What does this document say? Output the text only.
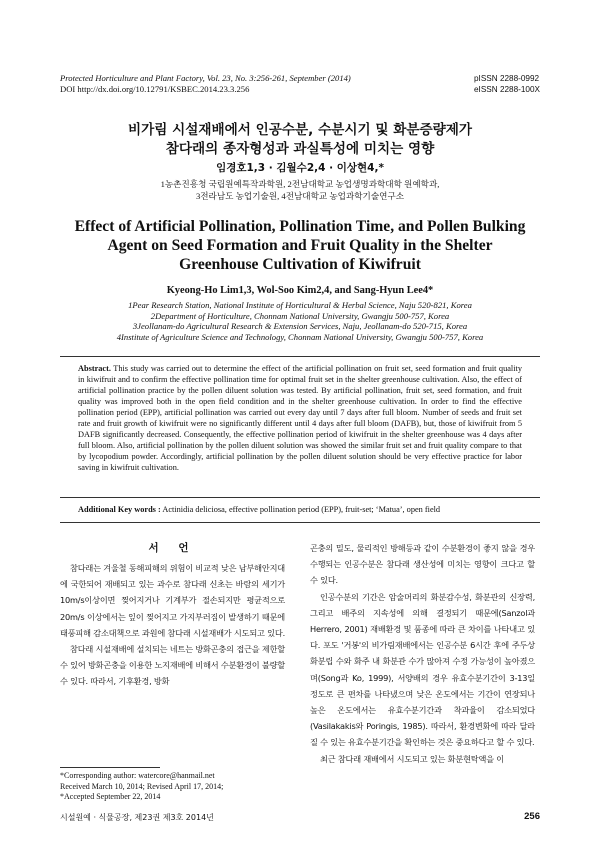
Protected Horticulture and Plant Factory, Vol. 23, No. 3:256-261, September (2014)
DOI http://dx.doi.org/10.12791/KSBEC.2014.23.3.256
pISSN 2288-0992
eISSN 2288-100X
비가림 시설재배에서 인공수분, 수분시기 및 화분증량제가
참다래의 종자형성과 과실특성에 미치는 영향
임경호1,3 · 김월수2,4 · 이상현4,*
1농촌진흥청 국립원예특작과학원, 2전남대학교 농업생명과학대학 원예학과,
3전라남도 농업기술원, 4전남대학교 농업과학기술연구소
Effect of Artificial Pollination, Pollination Time, and Pollen Bulking
Agent on Seed Formation and Fruit Quality in the Shelter
Greenhouse Cultivation of Kiwifruit
Kyeong-Ho Lim1,3, Wol-Soo Kim2,4, and Sang-Hyun Lee4*
1Pear Research Station, National Institute of Horticultural & Herbal Science, Naju 520-821, Korea
2Department of Horticulture, Chonnam National University, Gwangju 500-757, Korea
3Jeollanam-do Agricultural Research & Extension Services, Naju, Jeollanam-do 520-715, Korea
4Institute of Agriculture Science and Technology, Chonnam National University, Gwangju 500-757, Korea
Abstract. This study was carried out to determine the effect of the artificial pollination on fruit set, seed formation and fruit quality in kiwifruit and to confirm the effective pollination time for optimal fruit set in the shelter greenhouse cultivation. Also, the effect of artificial pollination practice by the pollen diluent solution was tested. By artificial pollination, fruit set, seed formation, and fruit quality was improved both in the open field condition and in the shelter greenhouse cultivation. In order to find the effective pollination period (EPP), artificial pollination was carried out every day until 7 days after full bloom. Number of seeds and fruit set rate and fruit growth of kiwifruit were no significantly different until 4 days after full bloom (DAFB), but, those of kiwifruit from 5 DAFB significantly decreased. Consequently, the effective pollination period of kiwifruit in the shelter greenhouse was 4 days after full bloom. Also, artificial pollination by the pollen diluent solution was showed the similar fruit set and fruit quality compare to that by lycopodium powder. Accordingly, artificial pollination by the pollen diluent solution should be very effective practice for labor saving in kiwifruit cultivation.
Additional Key words : Actinidia deliciosa, effective pollination period (EPP), fruit-set; ‘Matua’, open field
서 언

참다래는 겨울철 동해피해의 위험이 비교적 낮은 남부해안지대에 국한되어 재배되고 있는 과수로 참다래 신초는 바람의 세기가 10m/s이상이면 찢어지거나 기계부가 절손되지만 평균적으로 20m/s 이상에서는 잎이 찢어지고 가지부러짐이 발생하기 때문에 태풍피해 감소대책으로 과원에 참다래 시설재배가 시도되고 있다.

참다래 시설재배에 설치되는 네트는 방화곤충의 접근을 제한할 수 있어 방화곤충을 이용한 노지재배에 비해서 수분환경이 불량할 수 있다. 따라서, 기후환경, 방화

곤충의 밀도, 물리적인 방해등과 같이 수분환경이 좋지 않을 경우 수행되는 인공수분은 참다래 생산성에 미치는 영향이 크다고 할 수 있다.

인공수분의 기간은 암술머리의 화분감수성, 화분관의 신장력, 그리고 배주의 지속성에 의해 결정되기 때문에(Sanzol과 Herrero, 2001) 재배환경 및 품종에 따라 큰 차이를 나타내고 있다. 포도 '거봉'의 비가림재배에서는 인공수분 6시간 후에 주두상 화분립 수와 화주 내 화분관 수가 많아져 수정 가능성이 높아졌으며(Song과 Ko, 1999), 서양배의 경우 유효수분기간이 3-13일 정도로 큰 편차를 나타냈으며 낮은 온도에서는 기간이 연장되나 높은 온도에서는 유효수분기간과 착과율이 감소되었다(Vasilakakis와 Poringis, 1985). 따라서, 환경변화에 따라 달라질 수 있는 유효수분기간을 확인하는 것은 중요하다고 할 수 있다.

최근 참다래 재배에서 시도되고 있는 화분현탁액을 이

*Corresponding author: watercore@hanmail.net
Received March 10, 2014; Revised April 17, 2014;
*Accepted September 22, 2014
시설원예 · 식물공장, 제23권 제3호 2014년	256
